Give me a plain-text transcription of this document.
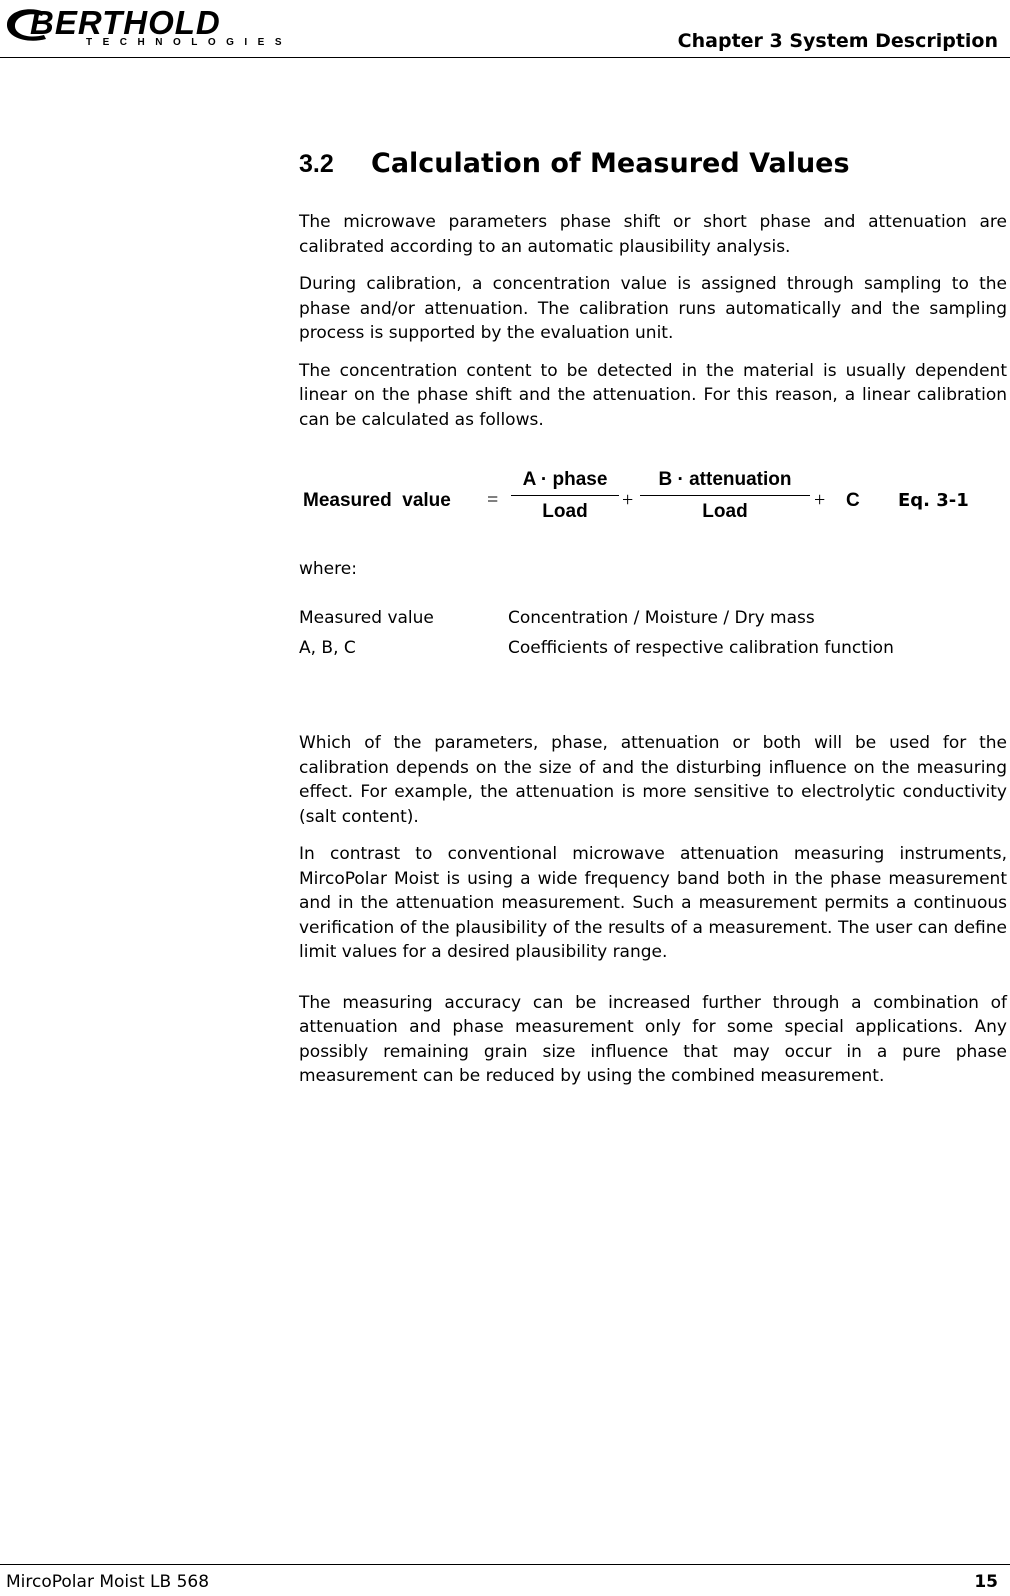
BERTHOLD
TECHNOLOGIES	Chapter 3 System Description
3.2	Calculation of Measured Values

The microwave parameters phase shift or short phase and attenuation are calibrated according to an automatic plausibility analysis.

During calibration, a concentration value is assigned through sampling to the phase and/or attenuation. The calibration runs automatically and the sampling process is supported by the evaluation unit.

The concentration content to be detected in the material is usually dependent linear on the phase shift and the attenuation. For this reason, a linear calibration can be calculated as follows.

Measured  value =
A · phase
Load
+
B · attenuation
Load
+ C Eq. 3-1

where:

Measured value	Concentration / Moisture / Dry mass
A, B, C	Coefficients of respective calibration function

Which of the parameters, phase, attenuation or both will be used for the calibration depends on the size of and the disturbing influence on the measuring effect. For example, the attenuation is more sensitive to electrolytic conductivity (salt content).

In contrast to conventional microwave attenuation measuring instruments, MircoPolar Moist is using a wide frequency band both in the phase measurement and in the attenuation measurement. Such a measurement permits a continuous verification of the plausibility of the results of a measurement. The user can define limit values for a desired plausibility range.

The measuring accuracy can be increased further through a combination of attenuation and phase measurement only for some special applications. Any possibly remaining grain size influence that may occur in a pure phase measurement can be reduced by using the combined measurement.

MircoPolar Moist LB 568	15
